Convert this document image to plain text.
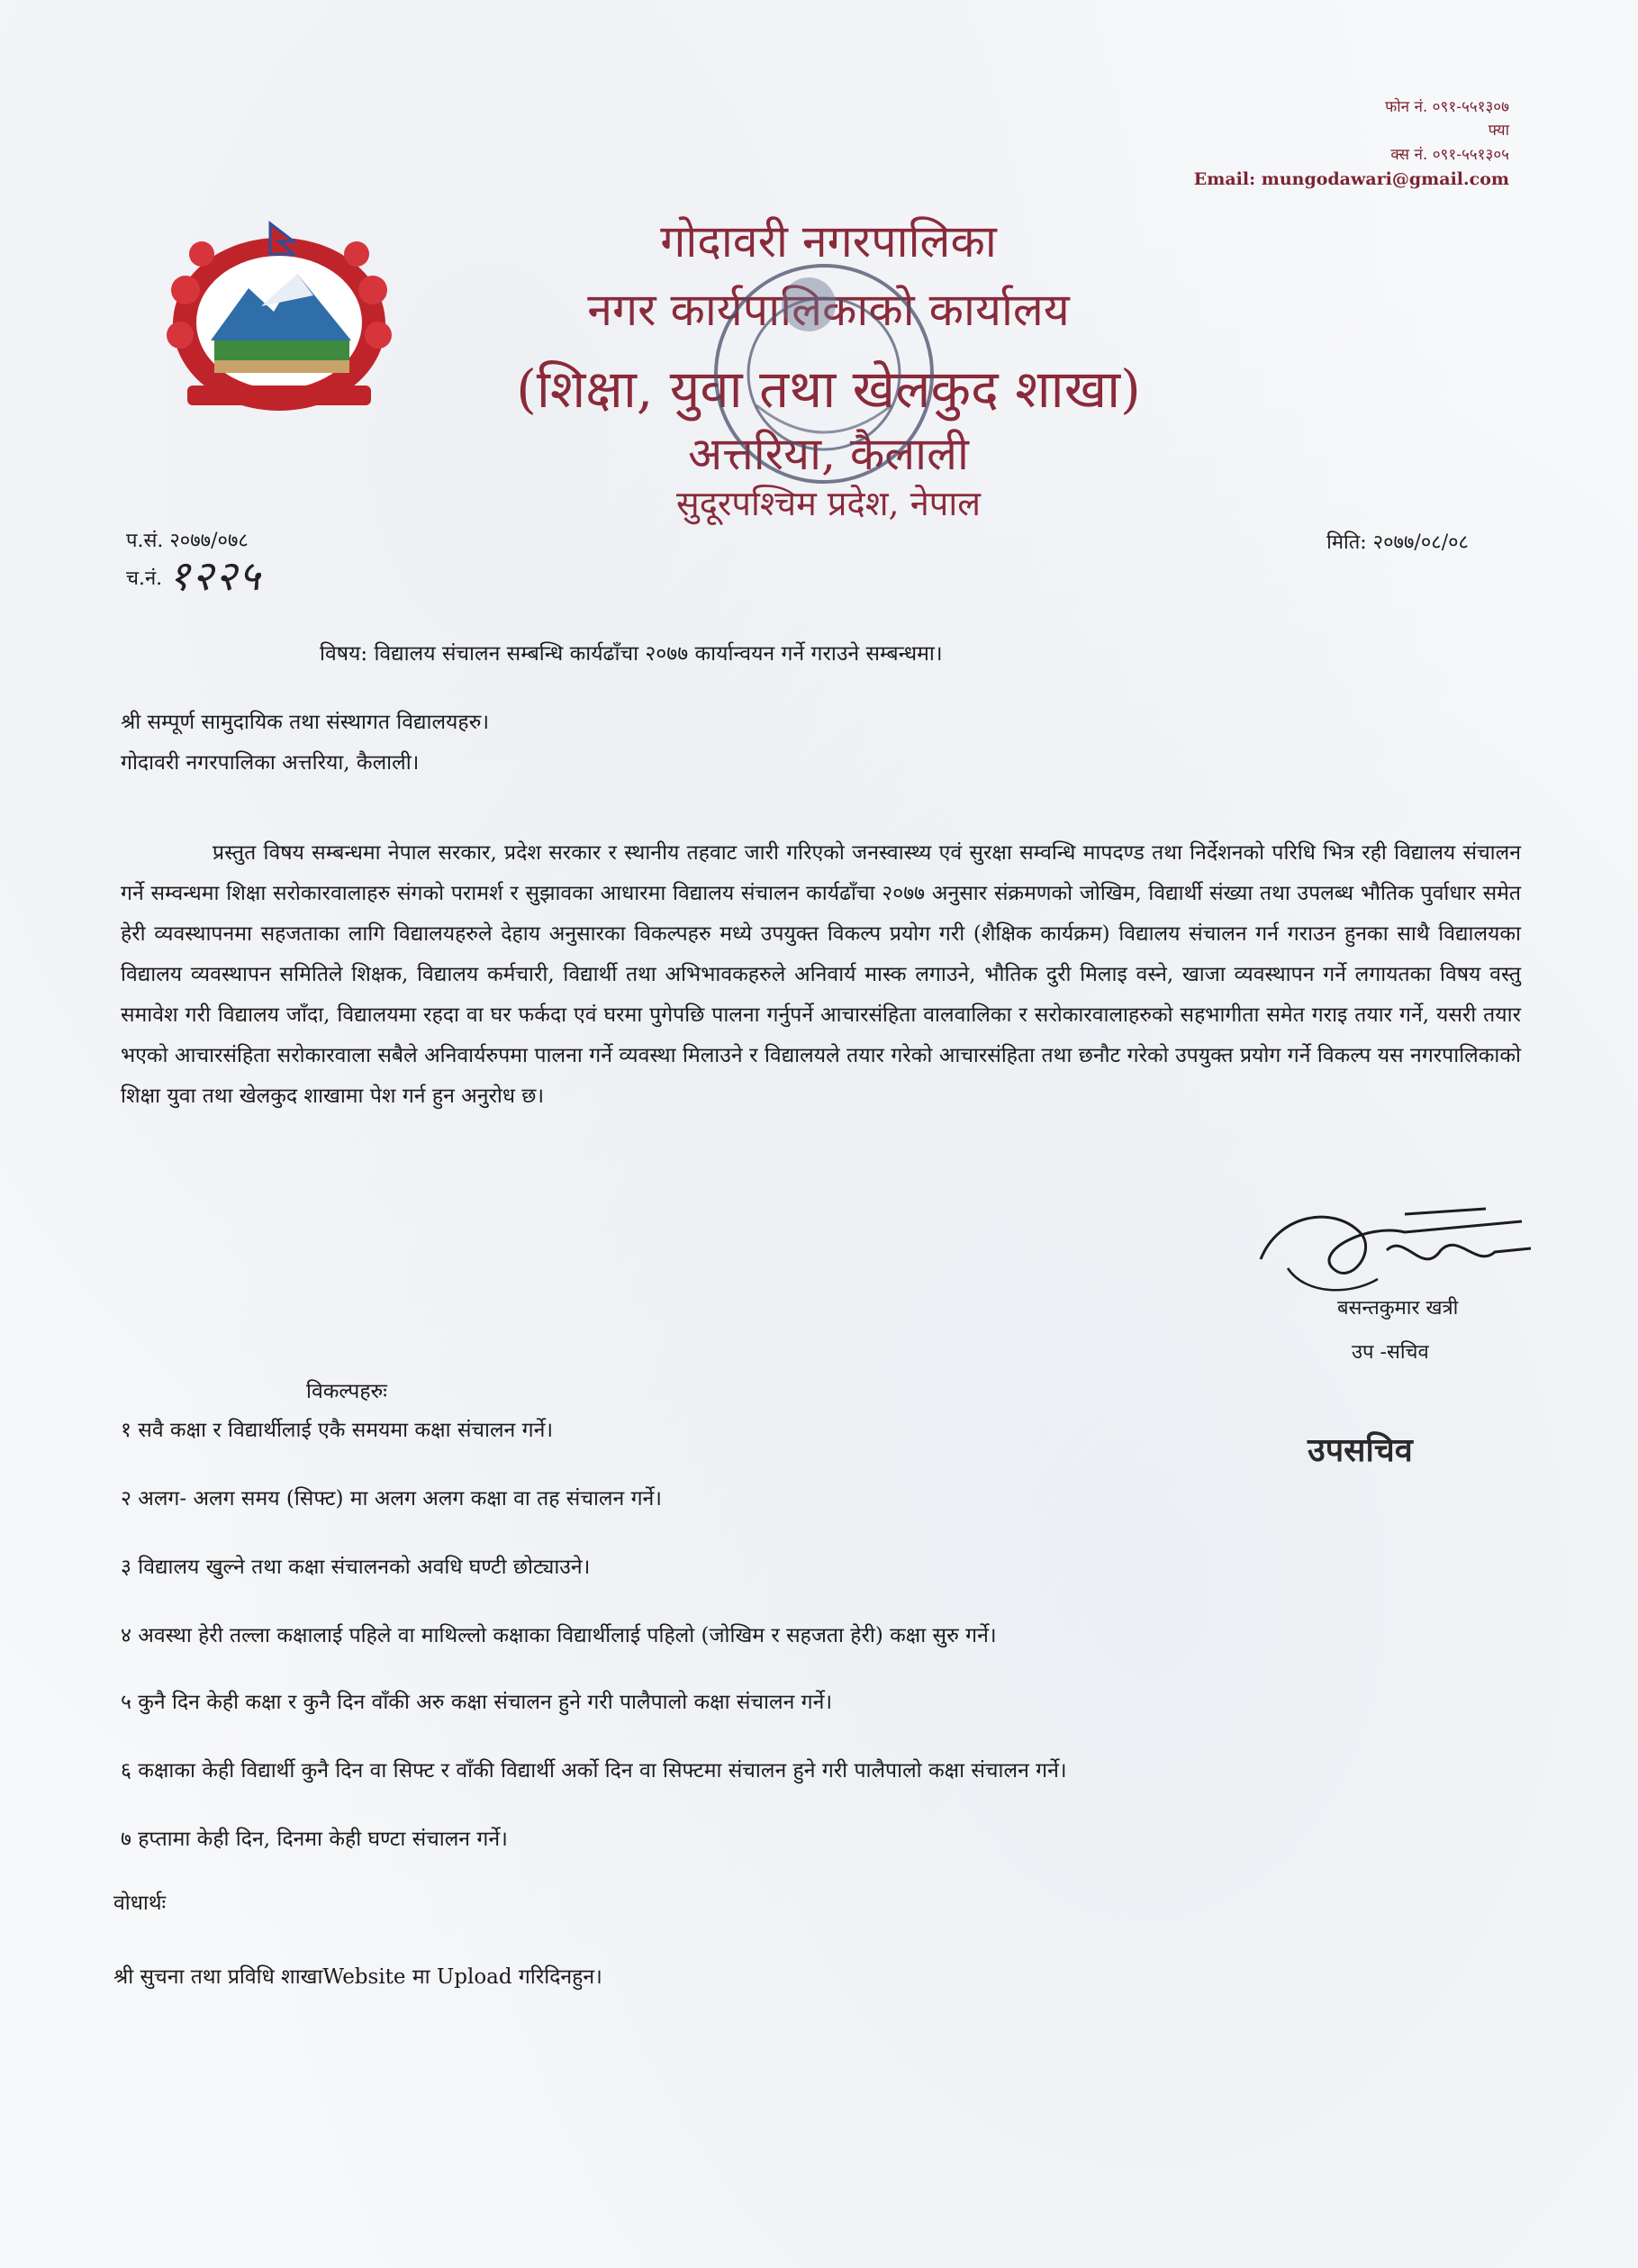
फोन नं. ०९१-५५१३०७
फ्या
क्स नं. ०९१-५५१३०५
Email: mungodawari@gmail.com
गोदावरी नगरपालिका
नगर कार्यपालिकाको कार्यालय
(शिक्षा, युवा तथा खेलकुद शाखा)
अत्तरिया, कैलाली
सुदूरपश्चिम प्रदेश, नेपाल
प.सं. २०७७/०७८
च.नं. १२२५
मिति: २०७७/०८/०८
विषय: विद्यालय संचालन सम्बन्धि कार्यढाँचा २०७७ कार्यान्वयन गर्ने गराउने सम्बन्धमा।
श्री सम्पूर्ण सामुदायिक तथा संस्थागत विद्यालयहरु।
गोदावरी नगरपालिका अत्तरिया, कैलाली।
प्रस्तुत विषय सम्बन्धमा नेपाल सरकार, प्रदेश सरकार र स्थानीय तहवाट जारी गरिएको जनस्वास्थ्य एवं सुरक्षा सम्वन्धि मापदण्ड तथा निर्देशनको परिधि भित्र रही विद्यालय संचालन गर्ने सम्वन्धमा शिक्षा सरोकारवालाहरु संगको परामर्श र सुझावका आधारमा विद्यालय संचालन कार्यढाँचा २०७७ अनुसार संक्रमणको जोखिम, विद्यार्थी संख्या तथा उपलब्ध भौतिक पुर्वाधार समेत हेरी व्यवस्थापनमा सहजताका लागि विद्यालयहरुले देहाय अनुसारका विकल्पहरु मध्ये उपयुक्त विकल्प प्रयोग गरी (शैक्षिक कार्यक्रम) विद्यालय संचालन गर्न गराउन हुनका साथै विद्यालयका विद्यालय व्यवस्थापन समितिले शिक्षक, विद्यालय कर्मचारी, विद्यार्थी तथा अभिभावकहरुले अनिवार्य मास्क लगाउने, भौतिक दुरी मिलाइ वस्ने, खाजा व्यवस्थापन गर्ने लगायतका विषय वस्तु समावेश गरी विद्यालय जाँदा, विद्यालयमा रहदा वा घर फर्कदा एवं घरमा पुगेपछि पालना गर्नुपर्ने आचारसंहिता वालवालिका र सरोकारवालाहरुको सहभागीता समेत गराइ तयार गर्ने, यसरी तयार भएको आचारसंहिता सरोकारवाला सबैले अनिवार्यरुपमा पालना गर्ने व्यवस्था मिलाउने र विद्यालयले तयार गरेको आचारसंहिता तथा छनौट गरेको उपयुक्त प्रयोग गर्ने विकल्प यस नगरपालिकाको शिक्षा युवा तथा खेलकुद शाखामा पेश गर्न हुन अनुरोध छ।
बसन्तकुमार खत्री
उप -सचिव
उपसचिव
विकल्पहरुः
१ सवै कक्षा र विद्यार्थीलाई एकै समयमा कक्षा संचालन गर्ने।
२ अलग- अलग समय (सिफ्ट) मा अलग अलग कक्षा वा तह संचालन गर्ने।
३ विद्यालय खुल्ने तथा कक्षा संचालनको अवधि घण्टी छोट्याउने।
४ अवस्था हेरी तल्ला कक्षालाई पहिले वा माथिल्लो कक्षाका विद्यार्थीलाई पहिलो (जोखिम र सहजता हेरी) कक्षा सुरु गर्ने।
५ कुनै दिन केही कक्षा र कुनै दिन वाँकी अरु कक्षा संचालन हुने गरी पालैपालो कक्षा संचालन गर्ने।
६ कक्षाका केही विद्यार्थी कुनै दिन वा सिफ्ट र वाँकी विद्यार्थी अर्को दिन वा सिफ्टमा संचालन हुने गरी पालैपालो कक्षा संचालन गर्ने।
७ हप्तामा केही दिन, दिनमा केही घण्टा संचालन गर्ने।
वोधार्थः
श्री सुचना तथा प्रविधि शाखाWebsite मा Upload गरिदिनहुन।
